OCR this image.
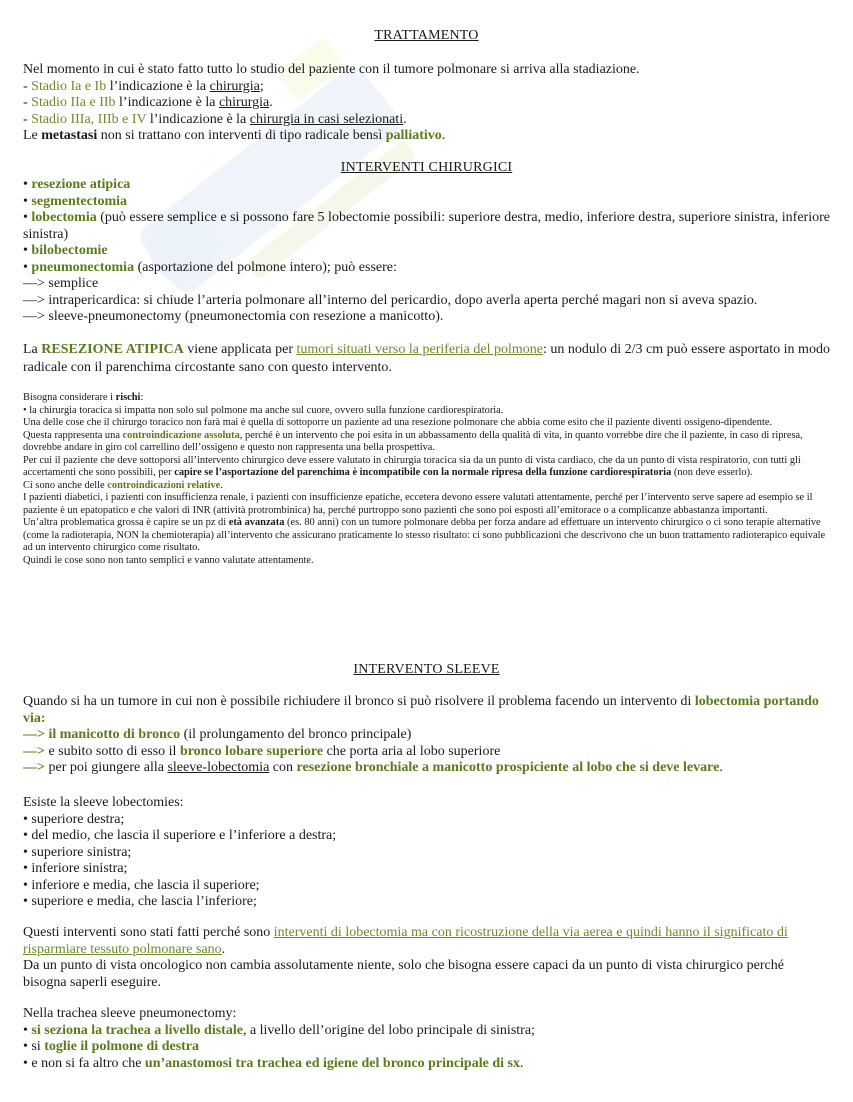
TRATTAMENTO
Nel momento in cui è stato fatto tutto lo studio del paziente con il tumore polmonare si arriva alla stadiazione.
- Stadio Ia e Ib l’indicazione è la chirurgia;
- Stadio IIa e IIb l’indicazione è la chirurgia.
- Stadio IIIa, IIIb e IV l’indicazione è la chirurgia in casi selezionati.
Le metastasi non si trattano con interventi di tipo radicale bensì palliativo.
INTERVENTI CHIRURGICI
• resezione atipica
• segmentectomia
• lobectomia (può essere semplice e si possono fare 5 lobectomie possibili: superiore destra, medio, inferiore destra, superiore sinistra, inferiore sinistra)
• bilobectomie
• pneumonectomia (asportazione del polmone intero); può essere:
—> semplice
—> intrapericardica: si chiude l’arteria polmonare all’interno del pericardio, dopo averla aperta perché magari non si aveva spazio.
—> sleeve-pneumonectomy (pneumonectomia con resezione a manicotto).
La RESEZIONE ATIPICA viene applicata per tumori situati verso la periferia del polmone: un nodulo di 2/3 cm può essere asportato in modo radicale con il parenchima circostante sano con questo intervento.
Bisogna considerare i rischi:
• la chirurgia toracica si impatta non solo sul polmone ma anche sul cuore, ovvero sulla funzione cardiorespiratoria.
Una delle cose che il chirurgo toracico non farà mai è quella di sottoporre un paziente ad una resezione polmonare che abbia come esito che il paziente diventi ossigeno-dipendente.
Questa rappresenta una controindicazione assoluta, perché è un intervento che poi esita in un abbassamento della qualità di vita, in quanto vorrebbe dire che il paziente, in caso di ripresa, dovrebbe andare in giro col carrellino dell’ossigeno e questo non rappresenta una bella prospettiva.
Per cui il paziente che deve sottoporsi all’intervento chirurgico deve essere valutato in chirurgia toracica sia da un punto di vista cardiaco, che da un punto di vista respiratorio, con tutti gli accertamenti che sono possibili, per capire se l’asportazione del parenchima è incompatibile con la normale ripresa della funzione cardiorespiratoria (non deve esserlo).
Ci sono anche delle controindicazioni relative.
I pazienti diabetici, i pazienti con insufficienza renale, i pazienti con insufficienze epatiche, eccetera devono essere valutati attentamente, perché per l’intervento serve sapere ad esempio se il paziente è un epatopatico e che valori di INR (attività protrombinica) ha, perché purtroppo sono pazienti che sono poi esposti all’emitorace o a complicanze abbastanza importanti.
Un’altra problematica grossa è capire se un pz di età avanzata (es. 80 anni) con un tumore polmonare debba per forza andare ad effettuare un intervento chirurgico o ci sono terapie alternative (come la radioterapia, NON la chemioterapia) all’intervento che assicurano praticamente lo stesso risultato: ci sono pubblicazioni che descrivono che un buon trattamento radioterapico equivale ad un intervento chirurgico come risultato.
Quindi le cose sono non tanto semplici e vanno valutate attentamente.
INTERVENTO SLEEVE
Quando si ha un tumore in cui non è possibile richiudere il bronco si può risolvere il problema facendo un intervento di lobectomia portando via:
—> il manicotto di bronco (il prolungamento del bronco principale)
—> e subito sotto di esso il bronco lobare superiore che porta aria al lobo superiore
—> per poi giungere alla sleeve-lobectomia con resezione bronchiale a manicotto prospiciente al lobo che si deve levare.
Esiste la sleeve lobectomies:
• superiore destra;
• del medio, che lascia il superiore e l’inferiore a destra;
• superiore sinistra;
• inferiore sinistra;
• inferiore e media, che lascia il superiore;
• superiore e media, che lascia l’inferiore;
Questi interventi sono stati fatti perché sono interventi di lobectomia ma con ricostruzione della via aerea e quindi hanno il significato di risparmiare tessuto polmonare sano.
Da un punto di vista oncologico non cambia assolutamente niente, solo che bisogna essere capaci da un punto di vista chirurgico perché bisogna saperli eseguire.
Nella trachea sleeve pneumonectomy:
• si seziona la trachea a livello distale, a livello dell’origine del lobo principale di sinistra;
• si toglie il polmone di destra
• e non si fa altro che un’anastomosi tra trachea ed igiene del bronco principale di sx.
